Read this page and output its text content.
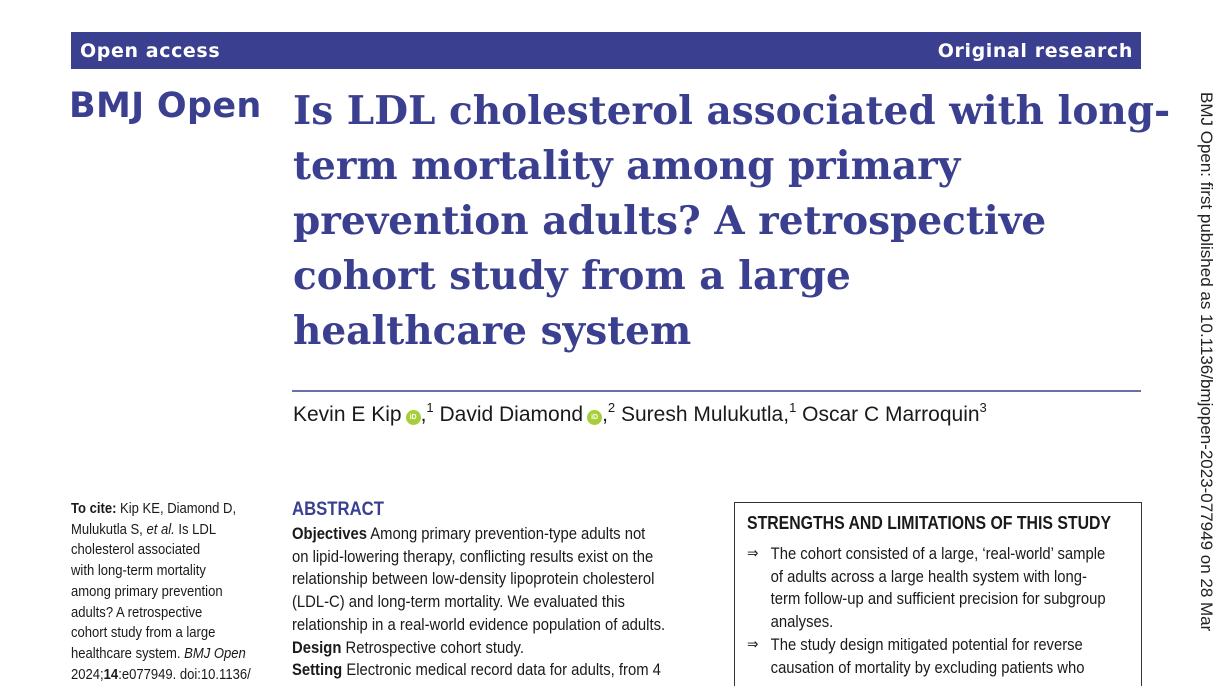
Open access	Original research
BMJ Open Is LDL cholesterol associated with long-
term mortality among primary
prevention adults? A retrospective
cohort study from a large
healthcare system
Kevin E Kip iD ,$^1$ David Diamond iD ,$^2$ Suresh Mulukutla,$^1$ Oscar C Marroquin$^3$
To cite: Kip KE, Diamond D,
Mulukutla S, et al. Is LDL
cholesterol associated
with long-term mortality
among primary prevention
adults? A retrospective
cohort study from a large
healthcare system. BMJ Open
2024;14:e077949. doi:10.1136/
ABSTRACT
Objectives Among primary prevention-type adults not
on lipid-lowering therapy, conflicting results exist on the
relationship between low-density lipoprotein cholesterol
(LDL-C) and long-term mortality. We evaluated this
relationship in a real-world evidence population of adults.
Design Retrospective cohort study.
Setting Electronic medical record data for adults, from 4
STRENGTHS AND LIMITATIONS OF THIS STUDY
⇒ The cohort consisted of a large, ‘real-world’ sample
of adults across a large health system with long-
term follow-up and sufficient precision for subgroup
analyses.
⇒ The study design mitigated potential for reverse
causation of mortality by excluding patients who
BMJ Open: first published as 10.1136/bmjopen-2023-077949 on 28 Mar
